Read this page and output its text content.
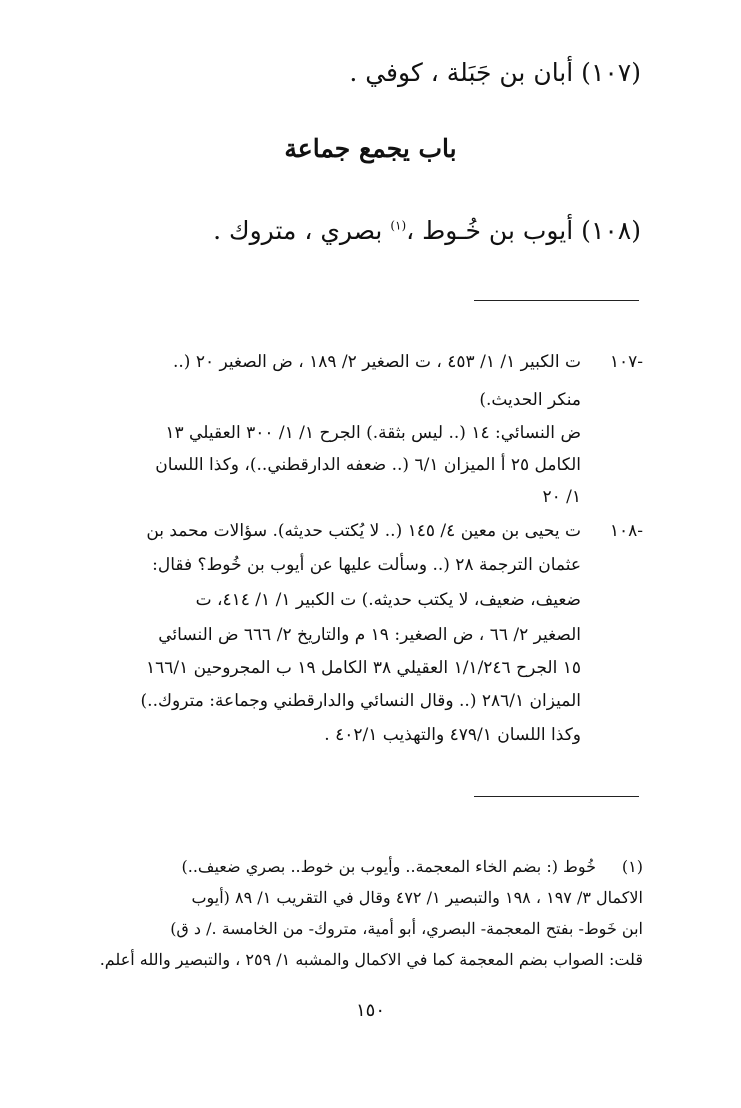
(١٠٧) أبان بن جَبَلة ، كوفي .
باب يجمع جماعة
(١٠٨) أيوب بن خُـوط ،$^{(١)}$ بصري ، متروك .
١٠٧-
ت الكبير ١/ ١/ ٤٥٣ ، ت الصغير ٢/ ١٨٩ ، ض الصغير ٢٠ (..
منكر الحديث.)
ض النسائي: ١٤ (.. ليس بثقة.) الجرح ١/ ١/ ٣٠٠ العقيلي ١٣
الكامل ٢٥ أ الميزان ٦/١ (.. ضعفه الدارقطني..)، وكذا اللسان
١/ ٢٠
١٠٨-
ت يحيى بن معين ٤/ ١٤٥ (.. لا يُكتب حديثه). سؤالات محمد بن
عثمان الترجمة ٢٨ (.. وسألت عليها عن أيوب بن خُوط؟ فقال:
ضعيف، ضعيف، لا يكتب حديثه.) ت الكبير ١/ ١/ ٤١٤، ت
الصغير ٢/ ٦٦ ، ض الصغير: ١٩ م والتاريخ ٢/ ٦٦٦ ض النسائي
١٥ الجرح ١/١/٢٤٦ العقيلي ٣٨ الكامل ١٩ ب المجروحين ١٦٦/١
الميزان ٢٨٦/١ (.. وقال النسائي والدارقطني وجماعة: متروك..)
وكذا اللسان ٤٧٩/١ والتهذيب ٤٠٢/١ .
(١)
خُوط (: بضم الخاء المعجمة.. وأيوب بن خوط.. بصري ضعيف..)
الاكمال ٣/ ١٩٧ ، ١٩٨ والتبصير ١/ ٤٧٢ وقال في التقريب ١/ ٨٩ (أيوب
ابن خَوط- بفتح المعجمة- البصري، أبو أمية، متروك- من الخامسة ./ د ق)
قلت: الصواب بضم المعجمة كما في الاكمال والمشبه ١/ ٢٥٩ ، والتبصير والله أعلم.
١٥٠
